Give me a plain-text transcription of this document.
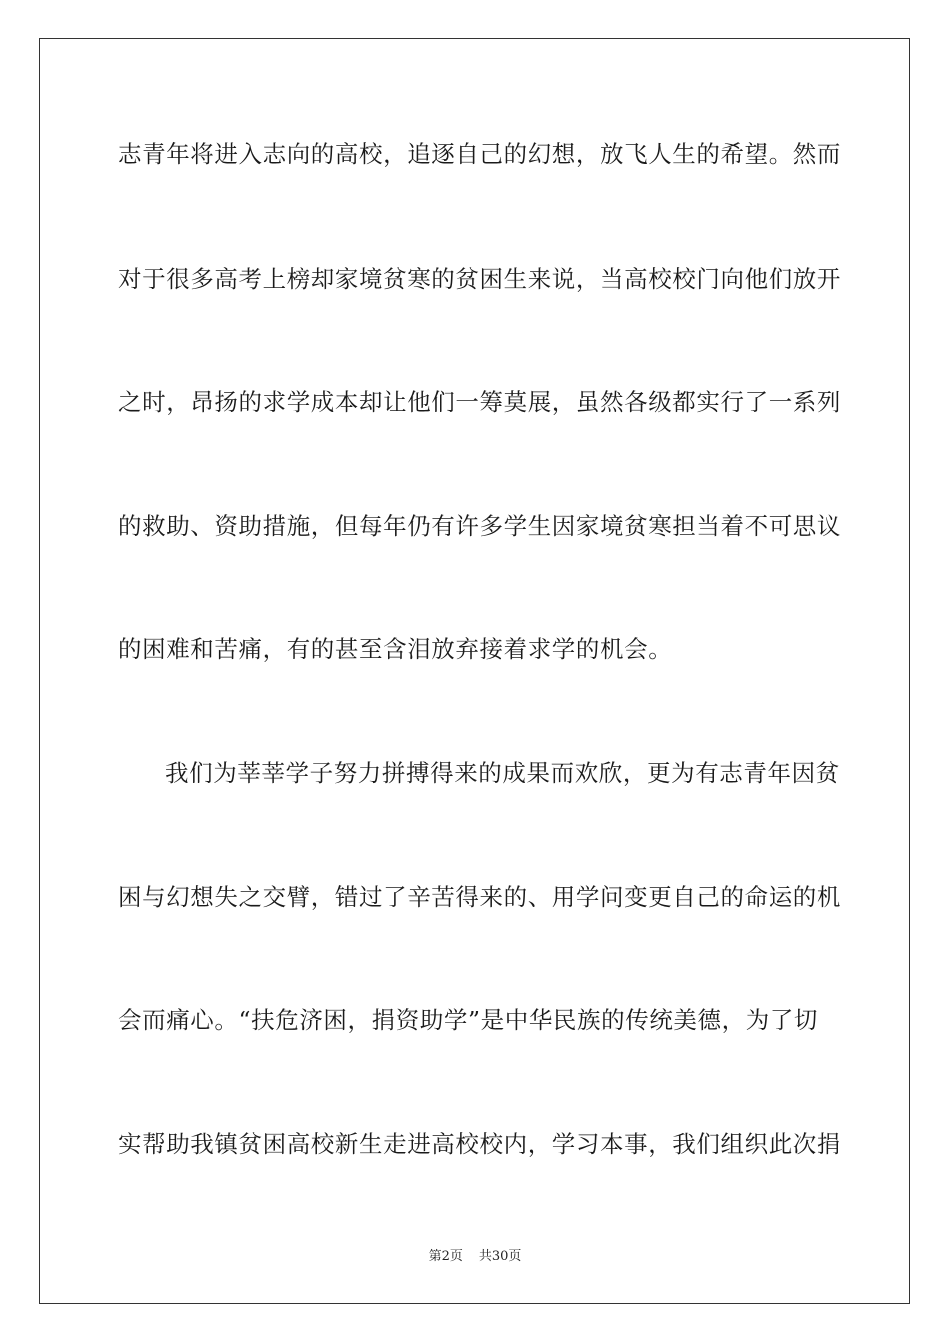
志青年将进入志向的高校，追逐自己的幻想，放飞人生的希望。然而
对于很多高考上榜却家境贫寒的贫困生来说，当高校校门向他们放开
之时，昂扬的求学成本却让他们一筹莫展，虽然各级都实行了一系列
的救助、资助措施，但每年仍有许多学生因家境贫寒担当着不可思议
的困难和苦痛，有的甚至含泪放弃接着求学的机会。
我们为莘莘学子努力拼搏得来的成果而欢欣，更为有志青年因贫
困与幻想失之交臂，错过了辛苦得来的、用学问变更自己的命运的机
会而痛心。“扶危济困，捐资助学”是中华民族的传统美德，为了切
实帮助我镇贫困高校新生走进高校校内，学习本事，我们组织此次捐
第2页 共30页
